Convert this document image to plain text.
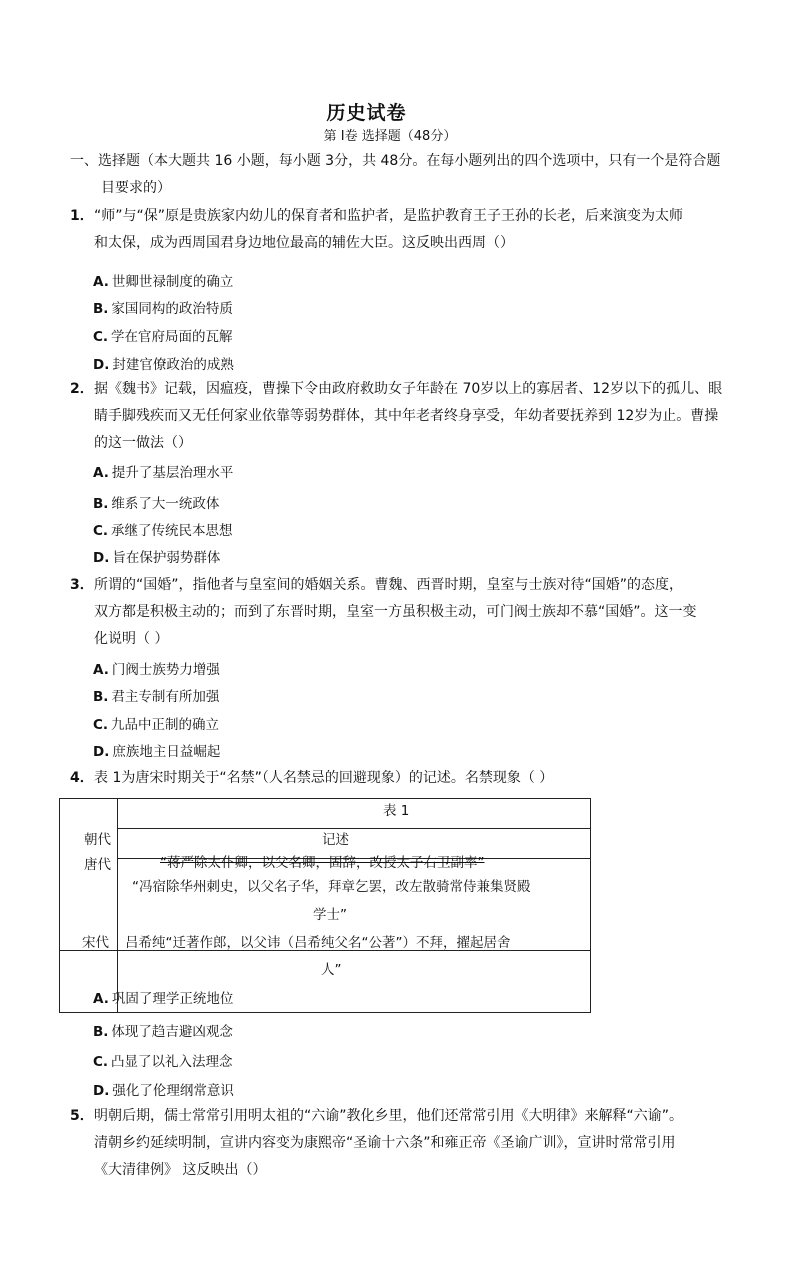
历史试卷
第 I卷 选择题（48分）
一、选择题（本大题共 16 小题，每小题 3分，共 48分。在每小题列出的四个选项中，只有一个是符合题
目要求的）
1．“师”与“保”原是贵族家内幼儿的保育者和监护者，是监护教育王子王孙的长老，后来演变为太师
和太保，成为西周国君身边地位最高的辅佐大臣。这反映出西周（）
A. 世卿世禄制度的确立
B. 家国同构的政治特质
C. 学在官府局面的瓦解
D. 封建官僚政治的成熟
2．据《魏书》记载，因瘟疫，曹操下令由政府救助女子年龄在 70岁以上的寡居者、12岁以下的孤儿、眼
睛手脚残疾而又无任何家业依靠等弱势群体，其中年老者终身享受，年幼者要抚养到 12岁为止。曹操
的这一做法（）
A. 提升了基层治理水平
B. 维系了大一统政体
C. 承继了传统民本思想
D. 旨在保护弱势群体
3．所谓的“国婚”，指他者与皇室间的婚姻关系。曹魏、西晋时期，皇室与士族对待“国婚”的态度，
双方都是积极主动的；而到了东晋时期，皇室一方虽积极主动，可门阀士族却不慕“国婚”。这一变
化说明（ ）
A. 门阀士族势力增强
B. 君主专制有所加强
C. 九品中正制的确立
D. 庶族地主日益崛起
4．表 1为唐宋时期关于“名禁”（人名禁忌的回避现象）的记述。名禁现象（ ）

表 1
朝代	记述
唐代	“蒋严除太仆卿，以父名卿，固辞，改授太子右卫副率”
“冯宿除华州刺史，以父名子华，拜章乞罢，改左散骑常侍兼集贤殿
学士”
宋代 吕希纯“迁著作郎，以父讳（吕希纯父名“公著”）不拜，擢起居舍
人”
A. 巩固了理学正统地位
B. 体现了趋吉避凶观念
C. 凸显了以礼入法理念
D. 强化了伦理纲常意识
5．明朝后期，儒士常常引用明太祖的“六谕”教化乡里，他们还常常引用《大明律》来解释“六谕”。
清朝乡约延续明制，宣讲内容变为康熙帝“圣谕十六条”和雍正帝《圣谕广训》，宣讲时常常引用
《大清律例》 这反映出（）
